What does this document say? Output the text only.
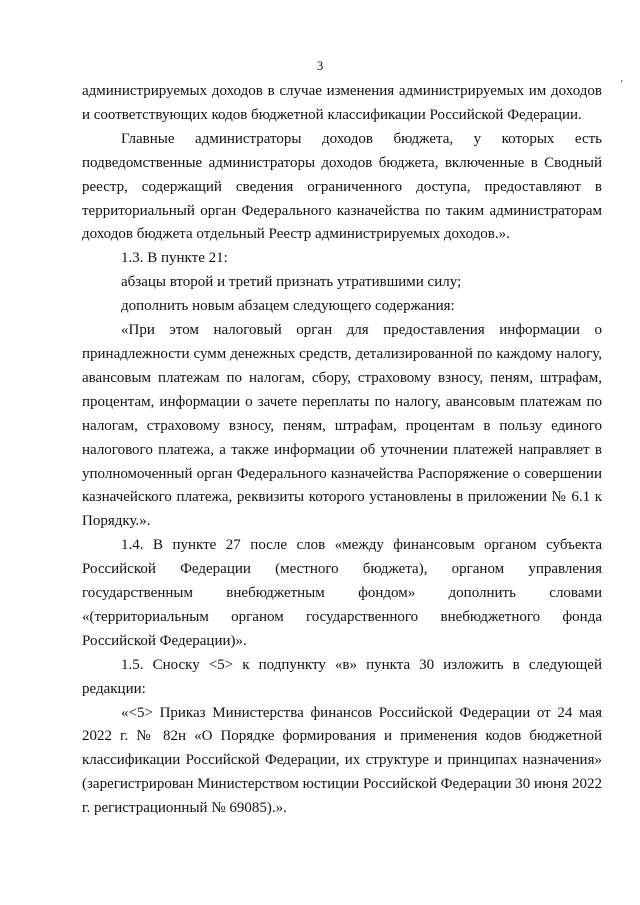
3
'

администрируемых доходов в случае изменения администрируемых им доходов и соответствующих кодов бюджетной классификации Российской Федерации.

Главные администраторы доходов бюджета, у которых есть подведомственные администраторы доходов бюджета, включенные в Сводный реестр, содержащий сведения ограниченного доступа, предоставляют в территориальный орган Федерального казначейства по таким администраторам доходов бюджета отдельный Реестр администрируемых доходов.».

1.3. В пункте 21:

абзацы второй и третий признать утратившими силу;

дополнить новым абзацем следующего содержания:

«При этом налоговый орган для предоставления информации о принадлежности сумм денежных средств, детализированной по каждому налогу, авансовым платежам по налогам, сбору, страховому взносу, пеням, штрафам, процентам, информации о зачете переплаты по налогу, авансовым платежам по налогам, страховому взносу, пеням, штрафам, процентам в пользу единого налогового платежа, а также информации об уточнении платежей направляет в уполномоченный орган Федерального казначейства Распоряжение о совершении казначейского платежа, реквизиты которого установлены в приложении № 6.1 к Порядку.».

1.4. В пункте 27 после слов «между финансовым органом субъекта Российской Федерации (местного бюджета), органом управления государственным внебюджетным фондом» дополнить словами «(территориальным органом государственного внебюджетного фонда Российской Федерации)».

1.5. Сноску <5> к подпункту «в» пункта 30 изложить в следующей редакции:

«<5> Приказ Министерства финансов Российской Федерации от 24 мая 2022 г. № 82н «О Порядке формирования и применения кодов бюджетной классификации Российской Федерации, их структуре и принципах назначения» (зарегистрирован Министерством юстиции Российской Федерации 30 июня 2022 г. регистрационный № 69085).».
